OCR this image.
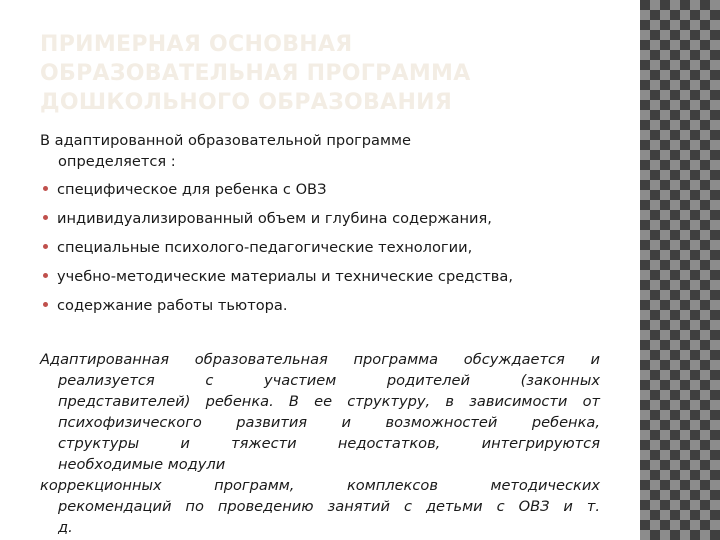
ПРИМЕРНАЯ ОСНОВНАЯ
ОБРАЗОВАТЕЛЬНАЯ ПРОГРАММА
ДОШКОЛЬНОГО ОБРАЗОВАНИЯ
В адаптированной образовательной программе
определяется :
специфическое для ребенка с ОВЗ
индивидуализированный объем и глубина содержания,
специальные психолого-педагогические технологии,
учебно-методические материалы и технические средства,
содержание работы тьютора.
Адаптированная образовательная программа обсуждается и
реализуется с участием родителей (законных
представителей) ребенка. В ее структуру, в зависимости от
психофизического развития и возможностей ребенка,
структуры и тяжести недостатков, интегрируются
необходимые модули
коррекционных программ, комплексов методических
рекомендаций по проведению занятий с детьми с ОВЗ и т.
д.
